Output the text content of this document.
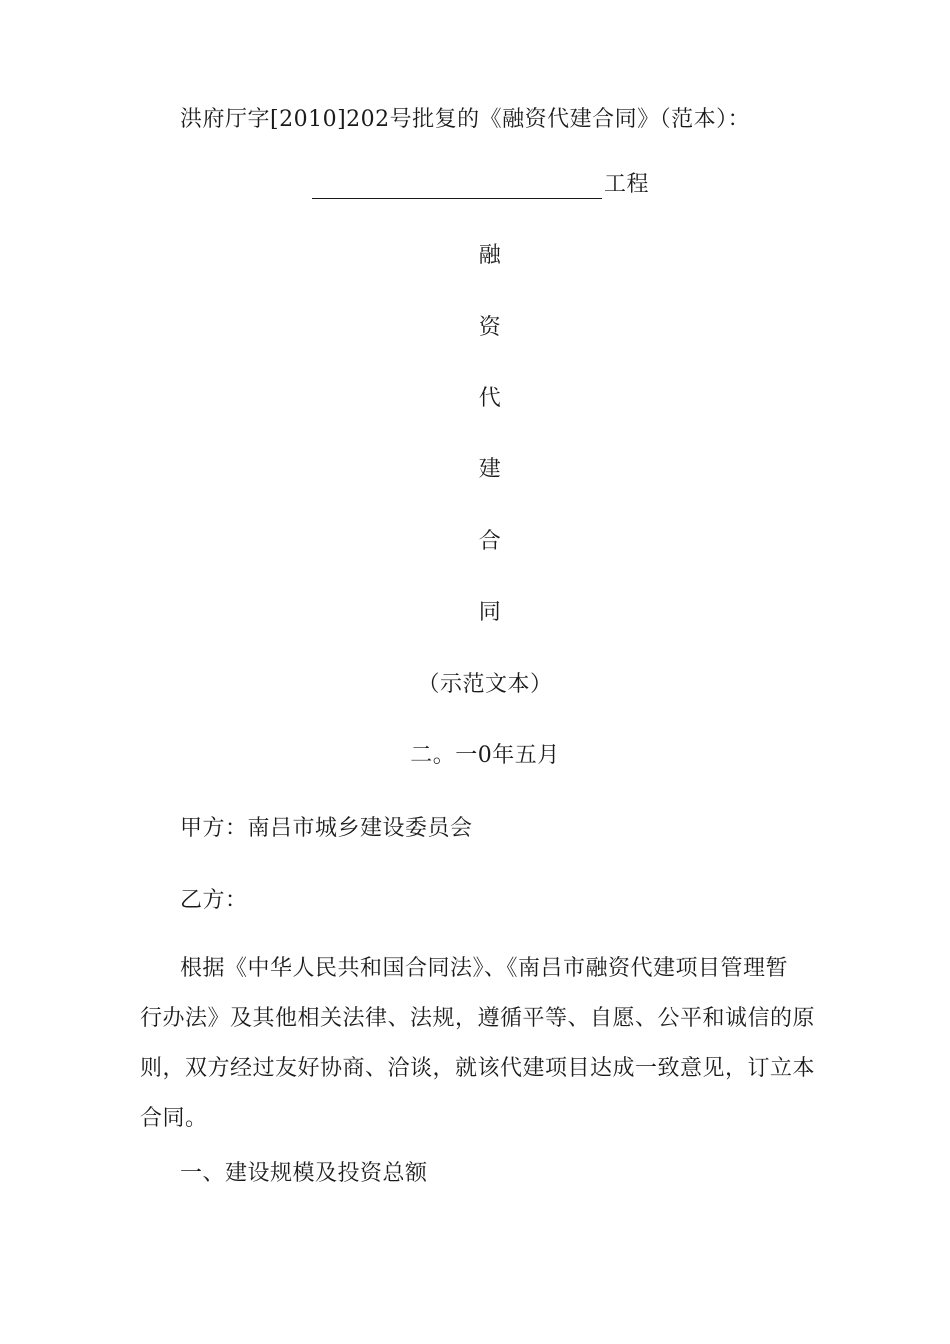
洪府厅字[2010]202号批复的《融资代建合同》（范本）：
工程
融
资
代
建
合
同
（示范文本）
二。一0年五月
甲方：南吕市城乡建设委员会
乙方：
根据《中华人民共和国合同法》、《南吕市融资代建项目管理暂
行办法》及其他相关法律、法规，遵循平等、自愿、公平和诚信的原
则，双方经过友好协商、洽谈，就该代建项目达成一致意见，订立本
合同。
一、建设规模及投资总额
